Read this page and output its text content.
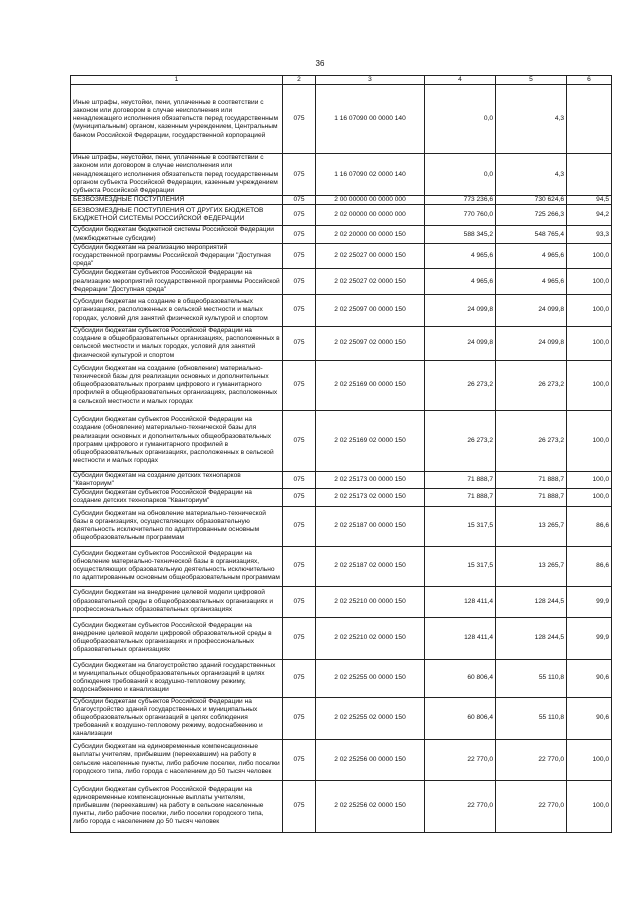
36
1	2	3	4	5	6
Иные штрафы, неустойки, пени, уплаченные в соответствии с законом или договором в случае неисполнения или ненадлежащего исполнения обязательств перед государственным (муниципальным) органом, казенным учреждением, Центральным банком Российской Федерации, государственной корпорацией	075	1 16 07090 00 0000 140	0,0	4,3	
Иные штрафы, неустойки, пени, уплаченные в соответствии с законом или договором в случае неисполнения или ненадлежащего исполнения обязательств перед государственным органом субъекта Российской Федерации, казенным учреждением субъекта Российской Федерации	075	1 16 07090 02 0000 140	0,0	4,3	
БЕЗВОЗМЕЗДНЫЕ ПОСТУПЛЕНИЯ	075	2 00 00000 00 0000 000	773 236,6	730 624,6	94,5
БЕЗВОЗМЕЗДНЫЕ ПОСТУПЛЕНИЯ ОТ ДРУГИХ БЮДЖЕТОВ БЮДЖЕТНОЙ СИСТЕМЫ РОССИЙСКОЙ ФЕДЕРАЦИИ	075	2 02 00000 00 0000 000	770 760,0	725 266,3	94,2
Субсидии бюджетам бюджетной системы Российской Федерации (межбюджетные субсидии)	075	2 02 20000 00 0000 150	588 345,2	548 765,4	93,3
Субсидии бюджетам на реализацию мероприятий государственной программы Российской Федерации "Доступная среда"	075	2 02 25027 00 0000 150	4 965,6	4 965,6	100,0
Субсидии бюджетам субъектов Российской Федерации на реализацию мероприятий государственной программы Российской Федерации "Доступная среда"	075	2 02 25027 02 0000 150	4 965,6	4 965,6	100,0
Субсидии бюджетам на создание в общеобразовательных организациях, расположенных в сельской местности и малых городах, условий для занятий физической культурой и спортом	075	2 02 25097 00 0000 150	24 099,8	24 099,8	100,0
Субсидии бюджетам субъектов Российской Федерации на создание в общеобразовательных организациях, расположенных в сельской местности и малых городах, условий для занятий физической культурой и спортом	075	2 02 25097 02 0000 150	24 099,8	24 099,8	100,0
Субсидии бюджетам на создание (обновление) материально-технической базы для реализации основных и дополнительных общеобразовательных программ цифрового и гуманитарного профилей в общеобразовательных организациях, расположенных в сельской местности и малых городах	075	2 02 25169 00 0000 150	26 273,2	26 273,2	100,0
Субсидии бюджетам субъектов Российской Федерации на создание (обновление) материально-технической базы для реализации основных и дополнительных общеобразовательных программ цифрового и гуманитарного профилей в общеобразовательных организациях, расположенных в сельской местности и малых городах	075	2 02 25169 02 0000 150	26 273,2	26 273,2	100,0
Субсидии бюджетам на создание детских технопарков "Кванториум"	075	2 02 25173 00 0000 150	71 888,7	71 888,7	100,0
Субсидии бюджетам субъектов Российской Федерации на создание детских технопарков "Кванториум"	075	2 02 25173 02 0000 150	71 888,7	71 888,7	100,0
Субсидии бюджетам на обновление материально-технической базы в организациях, осуществляющих образовательную деятельность исключительно по адаптированным основным общеобразовательным программам	075	2 02 25187 00 0000 150	15 317,5	13 265,7	86,6
Субсидии бюджетам субъектов Российской Федерации на обновление материально-технической базы в организациях, осуществляющих образовательную деятельность исключительно по адаптированным основным общеобразовательным программам	075	2 02 25187 02 0000 150	15 317,5	13 265,7	86,6
Субсидии бюджетам на внедрение целевой модели цифровой образовательной среды в общеобразовательных организациях и профессиональных образовательных организациях	075	2 02 25210 00 0000 150	128 411,4	128 244,5	99,9
Субсидии бюджетам субъектов Российской Федерации на внедрение целевой модели цифровой образовательной среды в общеобразовательных организациях и профессиональных образовательных организациях	075	2 02 25210 02 0000 150	128 411,4	128 244,5	99,9
Субсидии бюджетам на благоустройство зданий государственных и муниципальных общеобразовательных организаций в целях соблюдения требований к воздушно-тепловому режиму, водоснабжению и канализации	075	2 02 25255 00 0000 150	60 806,4	55 110,8	90,6
Субсидии бюджетам субъектов Российской Федерации на благоустройство зданий государственных и муниципальных общеобразовательных организаций в целях соблюдения требований к воздушно-тепловому режиму, водоснабжению и канализации	075	2 02 25255 02 0000 150	60 806,4	55 110,8	90,6
Субсидии бюджетам на единовременные компенсационные выплаты учителям, прибывшим (переехавшим) на работу в сельские населенные пункты, либо рабочие поселки, либо поселки городского типа, либо города с населением до 50 тысяч человек	075	2 02 25256 00 0000 150	22 770,0	22 770,0	100,0
Субсидии бюджетам субъектов Российской Федерации на единовременные компенсационные выплаты учителям, прибывшим (переехавшим) на работу в сельские населенные пункты, либо рабочие поселки, либо поселки городского типа, либо города с населением до 50 тысяч человек	075	2 02 25256 02 0000 150	22 770,0	22 770,0	100,0
